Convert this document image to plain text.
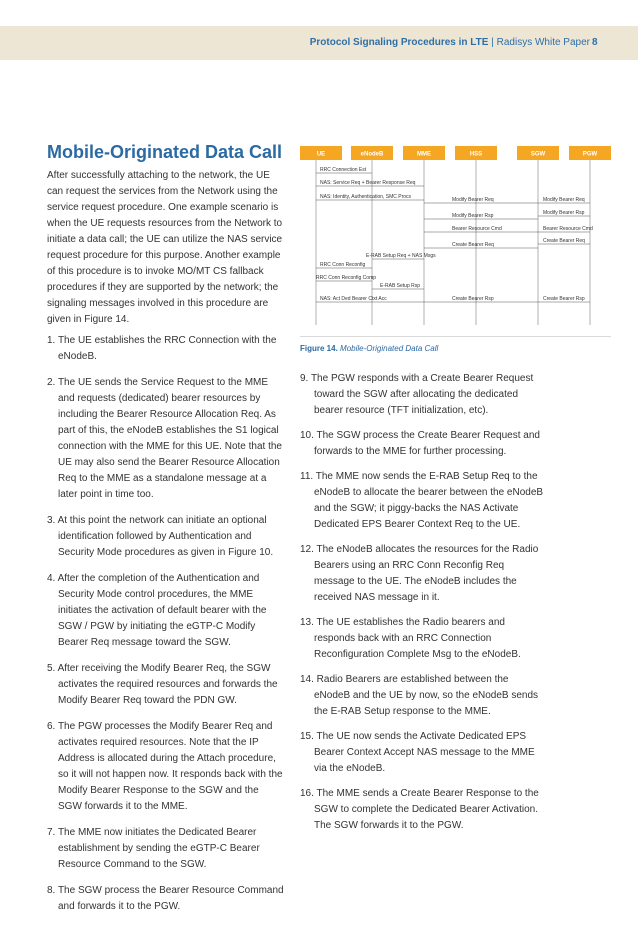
Protocol Signaling Procedures in LTE | Radisys White Paper 8
Mobile-Originated Data Call

After successfully attaching to the network, the UE can request the services from the Network using the service request procedure. One example scenario is when the UE requests resources from the Network to initiate a data call; the UE can utilize the NAS service request procedure for this purpose. Another example of this procedure is to invoke MO/MT CS fallback procedures if they are supported by the network; the signaling messages involved in this procedure are given in Figure 14.

1. The UE establishes the RRC Connection with the eNodeB.
2. The UE sends the Service Request to the MME and requests (dedicated) bearer resources by including the Bearer Resource Allocation Req. As part of this, the eNodeB establishes the S1 logical connection with the MME for this UE. Note that the UE may also send the Bearer Resource Allocation Req to the MME as a standalone message at a later point in time too.
3. At this point the network can initiate an optional identification followed by Authentication and Security Mode procedures as given in Figure 10.
4. After the completion of the Authentication and Security Mode control procedures, the MME initiates the activation of default bearer with the SGW / PGW by initiating the eGTP-C Modify Bearer Req message toward the SGW.
5. After receiving the Modify Bearer Req, the SGW activates the required resources and forwards the Modify Bearer Req toward the PDN GW.
6. The PGW processes the Modify Bearer Req and activates required resources. Note that the IP Address is allocated during the Attach procedure, so it will not happen now. It responds back with the Modify Bearer Response to the SGW and the SGW forwards it to the MME.
7. The MME now initiates the Dedicated Bearer establishment by sending the eGTP-C Bearer Resource Command to the SGW.
8. The SGW process the Bearer Resource Command and forwards it to the PGW.
UE	eNodeB	MME	HSS	SGW	PGW
RRC Connection Est
NAS: Service Req + Bearer Response Req
NAS: Identity, Authentication, SMC Procs	Modify Bearer Req	Modify Bearer Req
Modify Bearer Rsp
Modify Bearer Rsp
Bearer Resource Cmd	Bearer Resource Cmd
Create Bearer Req
Create Bearer Req
E-RAB Setup Req + NAS Msgs
RRC Conn Reconfig
RRC Conn Reconfig Comp
E-RAB Setup Rsp
NAS: Act Ded Bearer Ctxt Acc	Create Bearer Rsp	Create Bearer Rsp
Figure 14. Mobile-Originated Data Call
9. The PGW responds with a Create Bearer Request toward the SGW after allocating the dedicated bearer resource (TFT initialization, etc).
10. The SGW process the Create Bearer Request and forwards to the MME for further processing.
11. The MME now sends the E-RAB Setup Req to the eNodeB to allocate the bearer between the eNodeB and the SGW; it piggy-backs the NAS Activate Dedicated EPS Bearer Context Req to the UE.
12. The eNodeB allocates the resources for the Radio Bearers using an RRC Conn Reconfig Req message to the UE. The eNodeB includes the received NAS message in it.
13. The UE establishes the Radio bearers and responds back with an RRC Connection Reconfiguration Complete Msg to the eNodeB.
14. Radio Bearers are established between the eNodeB and the UE by now, so the eNodeB sends the E-RAB Setup response to the MME.
15. The UE now sends the Activate Dedicated EPS Bearer Context Accept NAS message to the MME via the eNodeB.
16. The MME sends a Create Bearer Response to the SGW to complete the Dedicated Bearer Activation. The SGW forwards it to the PGW.
